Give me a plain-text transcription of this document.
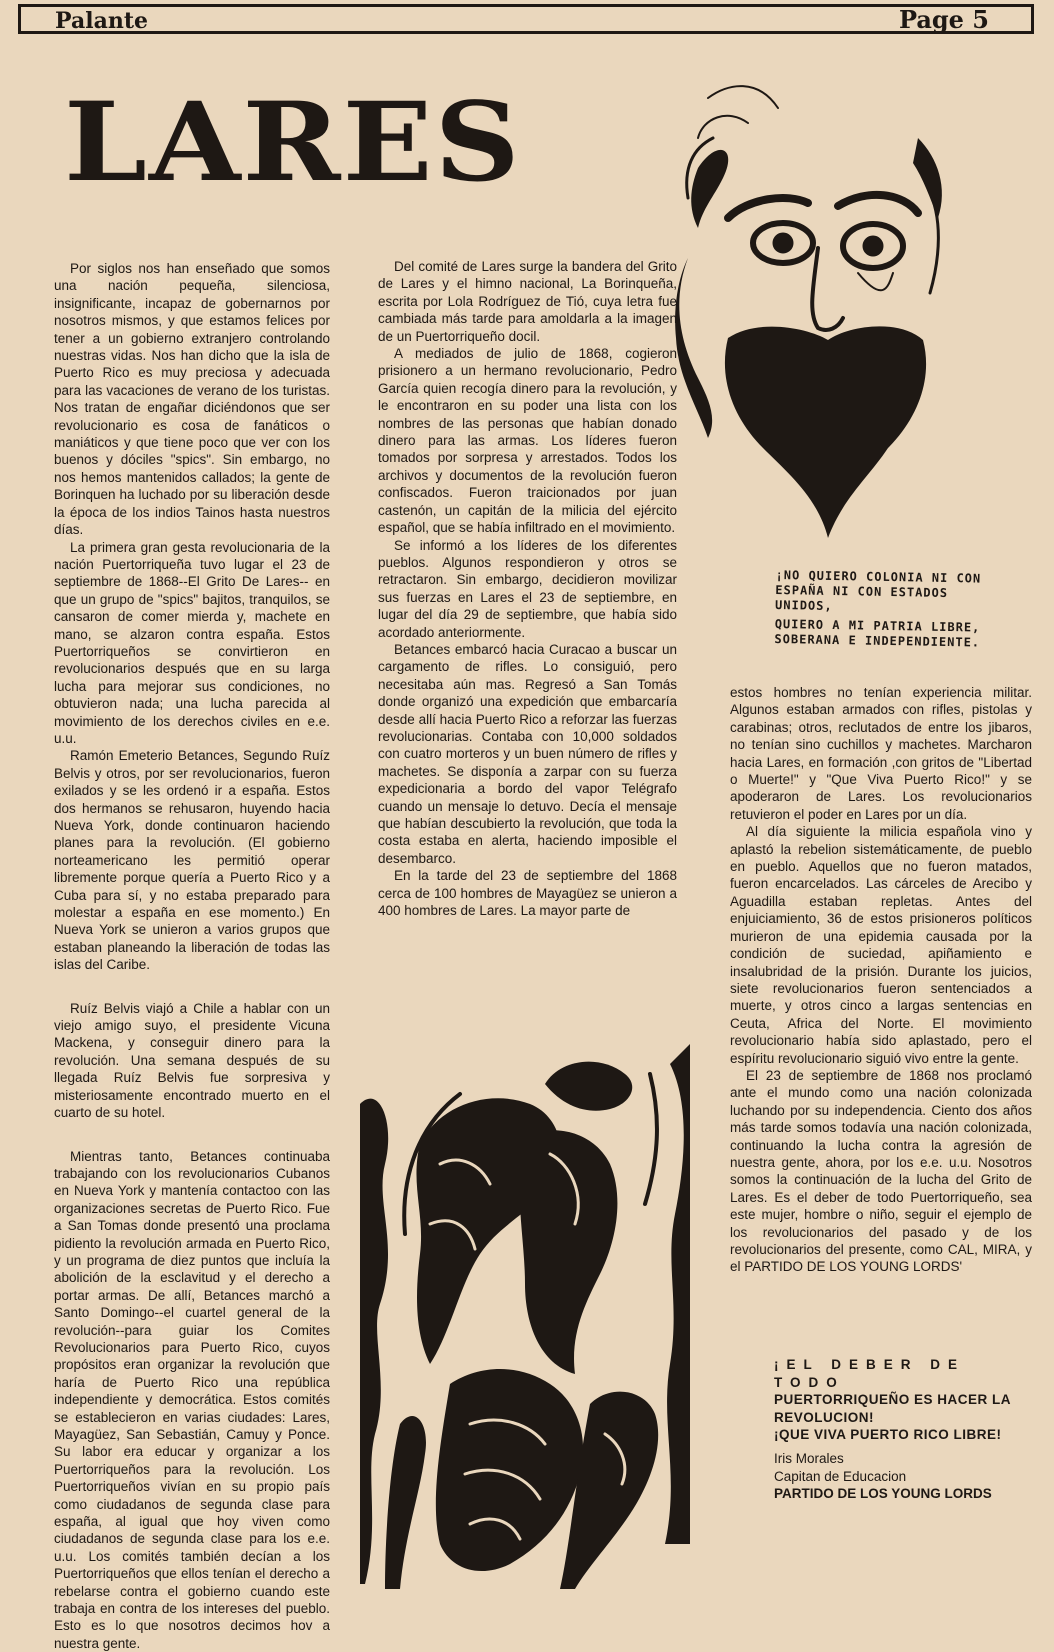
Palante	Page 5
LARES

¡NO QUIERO COLONIA NI CON ESPAÑA NI CON ESTADOS UNIDOS,

QUIERO A MI PATRIA LIBRE, SOBERANA E INDEPENDIENTE.

Por siglos nos han enseñado que somos una nación pequeña, silenciosa, insignificante, incapaz de gobernarnos por nosotros mismos, y que estamos felices por tener a un gobierno extranjero controlando nuestras vidas. Nos han dicho que la isla de Puerto Rico es muy preciosa y adecuada para las vacaciones de verano de los turistas. Nos tratan de engañar diciéndonos que ser revolucionario es cosa de fanáticos o maniáticos y que tiene poco que ver con los buenos y dóciles "spics". Sin embargo, no nos hemos mantenidos callados; la gente de Borinquen ha luchado por su liberación desde la época de los indios Tainos hasta nuestros días.

La primera gran gesta revolucionaria de la nación Puertorriqueña tuvo lugar el 23 de septiembre de 1868--El Grito De Lares-- en que un grupo de "spics" bajitos, tranquilos, se cansaron de comer mierda y, machete en mano, se alzaron contra españa. Estos Puertorriqueños se convirtieron en revolucionarios después que en su larga lucha para mejorar sus condiciones, no obtuvieron nada; una lucha parecida al movimiento de los derechos civiles en e.e. u.u.

Ramón Emeterio Betances, Segundo Ruíz Belvis y otros, por ser revolucionarios, fueron exilados y se les ordenó ir a españa. Estos dos hermanos se rehusaron, huyendo hacia Nueva York, donde continuaron haciendo planes para la revolución. (El gobierno norteamericano les permitió operar libremente porque quería a Puerto Rico y a Cuba para sí, y no estaba preparado para molestar a españa en ese momento.) En Nueva York se unieron a varios grupos que estaban planeando la liberación de todas las islas del Caribe.

Ruíz Belvis viajó a Chile a hablar con un viejo amigo suyo, el presidente Vicuna Mackena, y conseguir dinero para la revolución. Una semana después de su llegada Ruíz Belvis fue sorpresiva y misteriosamente encontrado muerto en el cuarto de su hotel.

Mientras tanto, Betances continuaba trabajando con los revolucionarios Cubanos en Nueva York y mantenía contactoo con las organizaciones secretas de Puerto Rico. Fue a San Tomas donde presentó una proclama pidiento la revolución armada en Puerto Rico, y un programa de diez puntos que incluía la abolición de la esclavitud y el derecho a portar armas. De allí, Betances marchó a Santo Domingo--el cuartel general de la revolución--para guiar los Comites Revolucionarios para Puerto Rico, cuyos propósitos eran organizar la revolución que haría de Puerto Rico una república independiente y democrática. Estos comités se establecieron en varias ciudades: Lares, Mayagüez, San Sebastián, Camuy y Ponce. Su labor era educar y organizar a los Puertorriqueños para la revolución. Los Puertorriqueños vivían en su propio país como ciudadanos de segunda clase para españa, al igual que hoy viven como ciudadanos de segunda clase para los e.e. u.u. Los comités también decían a los Puertorriqueños que ellos tenían el derecho a rebelarse contra el gobierno cuando este trabaja en contra de los intereses del pueblo. Esto es lo que nosotros decimos hov a nuestra gente.

Del comité de Lares surge la bandera del Grito de Lares y el himno nacional, La Borinqueña, escrita por Lola Rodríguez de Tió, cuya letra fue cambiada más tarde para amoldarla a la imagen de un Puertorriqueño docil.

A mediados de julio de 1868, cogieron prisionero a un hermano revolucionario, Pedro García quien recogía dinero para la revolución, y le encontraron en su poder una lista con los nombres de las personas que habían donado dinero para las armas. Los líderes fueron tomados por sorpresa y arrestados. Todos los archivos y documentos de la revolución fueron confiscados. Fueron traicionados por juan castenón, un capitán de la milicia del ejército español, que se había infiltrado en el movimiento.

Se informó a los líderes de los diferentes pueblos. Algunos respondieron y otros se retractaron. Sin embargo, decidieron movilizar sus fuerzas en Lares el 23 de septiembre, en lugar del día 29 de septiembre, que había sido acordado anteriormente.

Betances embarcó hacia Curacao a buscar un cargamento de rifles. Lo consiguió, pero necesitaba aún mas. Regresó a San Tomás donde organizó una expedición que embarcaría desde allí hacia Puerto Rico a reforzar las fuerzas revolucionarias. Contaba con 10,000 soldados con cuatro morteros y un buen número de rifles y machetes. Se disponía a zarpar con su fuerza expedicionaria a bordo del vapor Telégrafo cuando un mensaje lo detuvo. Decía el mensaje que habían descubierto la revolución, que toda la costa estaba en alerta, haciendo imposible el desembarco.

En la tarde del 23 de septiembre del 1868 cerca de 100 hombres de Mayagüez se unieron a 400 hombres de Lares. La mayor parte de

estos hombres no tenían experiencia militar. Algunos estaban armados con rifles, pistolas y carabinas; otros, reclutados de entre los jibaros, no tenían sino cuchillos y machetes. Marcharon hacia Lares, en formación ,con gritos de "Libertad o Muerte!" y "Que Viva Puerto Rico!" y se apoderaron de Lares. Los revolucionarios retuvieron el poder en Lares por un día.

Al día siguiente la milicia española vino y aplastó la rebelion sistemáticamente, de pueblo en pueblo. Aquellos que no fueron matados, fueron encarcelados. Las cárceles de Arecibo y Aguadilla estaban repletas. Antes del enjuiciamiento, 36 de estos prisioneros políticos murieron de una epidemia causada por la condición de suciedad, apiñamiento e insalubridad de la prisión. Durante los juicios, siete revolucionarios fueron sentenciados a muerte, y otros cinco a largas sentencias en Ceuta, Africa del Norte. El movimiento revolucionario había sido aplastado, pero el espíritu revolucionario siguió vivo entre la gente.

El 23 de septiembre de 1868 nos proclamó ante el mundo como una nación colonizada luchando por su independencia. Ciento dos años más tarde somos todavía una nación colonizada, continuando la lucha contra la agresión de nuestra gente, ahora, por los e.e. u.u. Nosotros somos la continuación de la lucha del Grito de Lares. Es el deber de todo Puertorriqueño, sea este mujer, hombre o niño, seguir el ejemplo de los revolucionarios del pasado y de los revolucionarios del presente, como CAL, MIRA, y el PARTIDO DE LOS YOUNG LORDS'

¡EL DEBER DE TODO
PUERTORRIQUEÑO ES HACER LA REVOLUCION!
¡QUE VIVA PUERTO RICO LIBRE!
Iris Morales
Capitan de Educacion
PARTIDO DE LOS YOUNG LORDS
